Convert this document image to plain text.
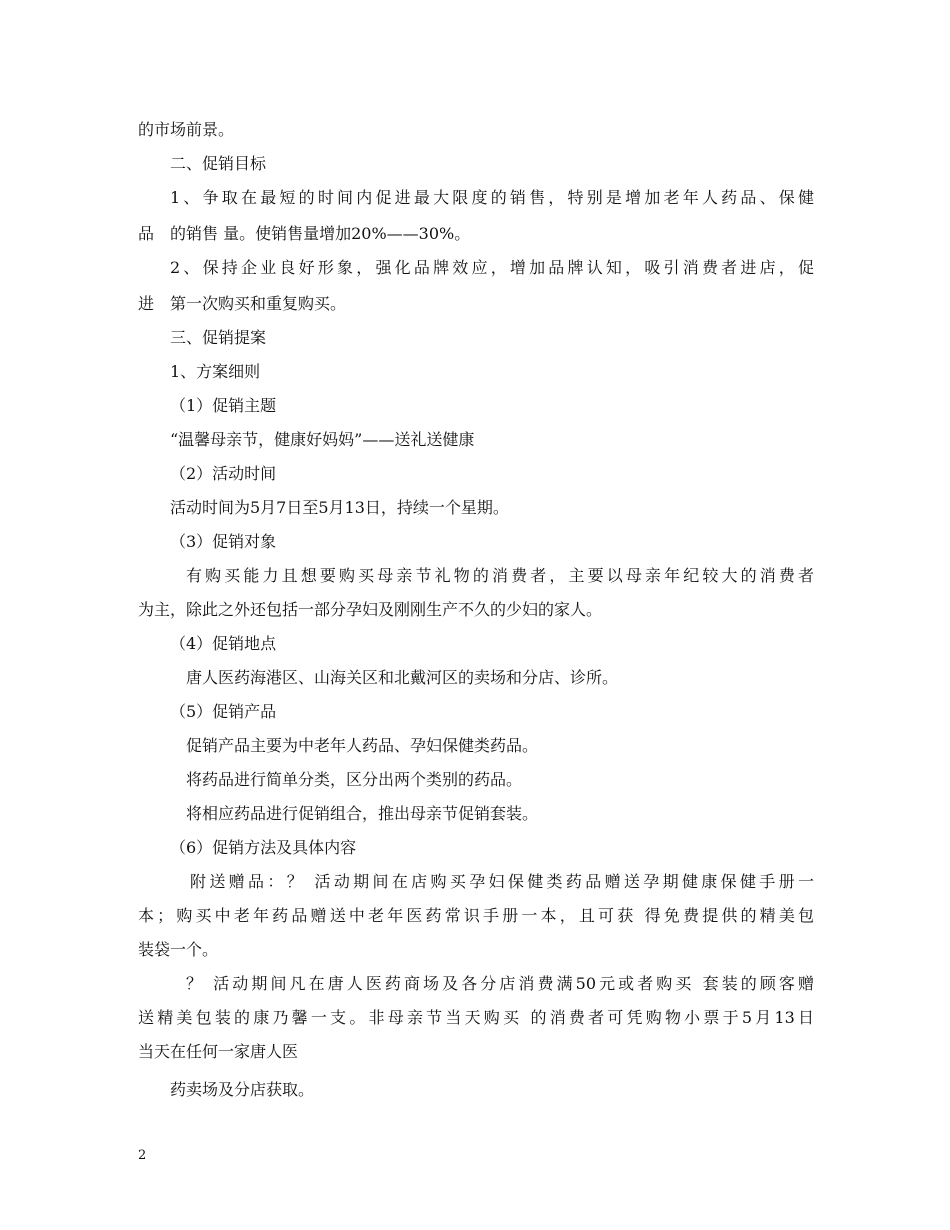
的市场前景。
二、促销目标
1、争取在最短的时间内促进最大限度的销售，特别是增加老年人药品、保健
品　的销售 量。使销售量增加20%——30%。
2、保持企业良好形象，强化品牌效应，增加品牌认知，吸引消费者进店，促
进　第一次购买和重复购买。
三、促销提案
1、方案细则
（1）促销主题
“温馨母亲节，健康好妈妈”——送礼送健康
（2）活动时间
活动时间为5月7日至5月13日，持续一个星期。
（3）促销对象
有购买能力且想要购买母亲节礼物的消费者，主要以母亲年纪较大的消费者
为主，除此之外还包括一部分孕妇及刚刚生产不久的少妇的家人。
（4）促销地点
唐人医药海港区、山海关区和北戴河区的卖场和分店、诊所。
（5）促销产品
促销产品主要为中老年人药品、孕妇保健类药品。
将药品进行简单分类，区分出两个类别的药品。
将相应药品进行促销组合，推出母亲节促销套装。
（6）促销方法及具体内容
附送赠品：？ 活动期间在店购买孕妇保健类药品赠送孕期健康保健手册一
本；购买中老年药品赠送中老年医药常识手册一本，且可获 得免费提供的精美包
装袋一个。
？ 活动期间凡在唐人医药商场及各分店消费满50元或者购买 套装的顾客赠
送精美包装的康乃馨一支。非母亲节当天购买 的消费者可凭购物小票于5月13日
当天在任何一家唐人医
药卖场及分店获取。
2
